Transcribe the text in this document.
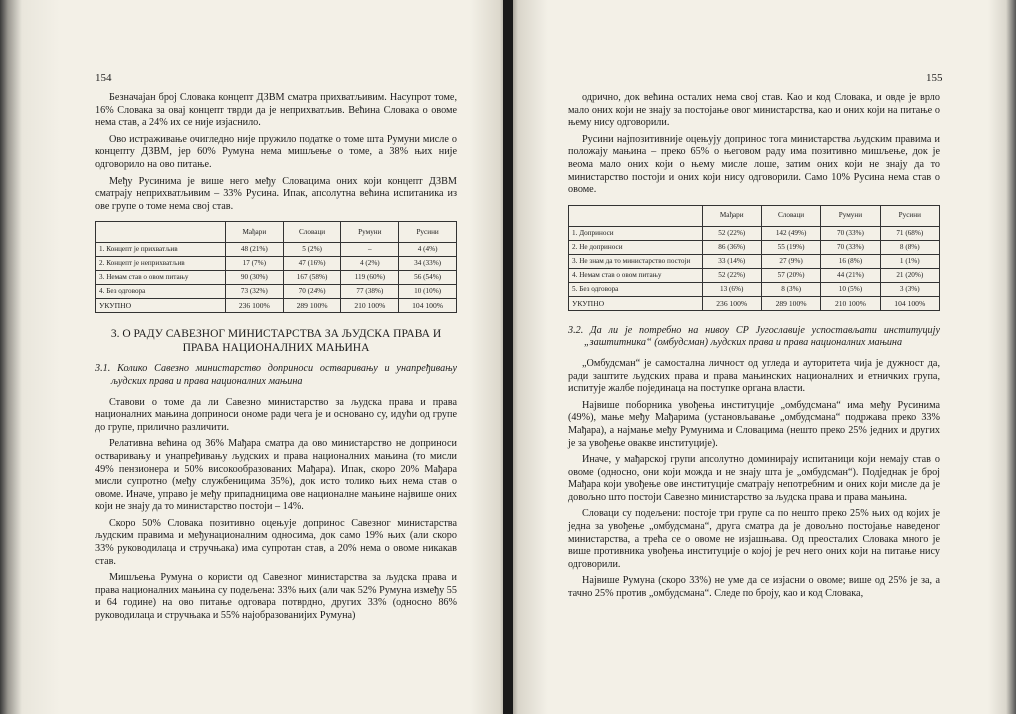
154

Безначајан број Словака концепт ДЗВМ сматра прихватљивим. Насупрот томе, 16% Словака за овај концепт тврди да је неприхватљив. Већина Словака о овоме нема став, а 24% их се није изјаснило.

Ово истраживање очигледно није пружило податке о томе шта Румуни мисле о концепту ДЗВМ, јер 60% Румуна нема мишљење о томе, а 38% њих није одговорило на ово питање.

Међу Русинима је више него међу Словацима оних који концепт ДЗВМ сматрају неприхватљивим – 33% Русина. Ипак, апсолутна већина испитаника из ове групе о томе нема свој став.

	Мађари	Словаци	Румуни	Русини
1. Концепт је прихватљив	48 (21%)	5 (2%)	–	4 (4%)
2. Концепт је неприхватљив	17 (7%)	47 (16%)	4 (2%)	34 (33%)
3. Немам став о овом питању	90 (30%)	167 (58%)	119 (60%)	56 (54%)
4. Без одговора	73 (32%)	70 (24%)	77 (38%)	10 (10%)
УКУПНО	236 100%	289 100%	210 100%	104 100%

3. О РАДУ САВЕЗНОГ МИНИСТАРСТВА ЗА ЉУДСКА ПРАВА И ПРАВА НАЦИОНАЛНИХ МАЊИНА

3.1. Колико Савезно министарство доприноси остваривању и унапређивању људских права и права националних мањина

Ставови о томе да ли Савезно министарство за људска права и права националних мањина доприноси ономе ради чега је и основано су, идући од групе до групе, прилично различити.

Релативна већина од 36% Мађара сматра да ово министарство не доприноси остваривању и унапређивању људских и права националних мањина (то мисли 49% пензионера и 50% високообразованих Мађара). Ипак, скоро 20% Мађара мисли супротно (међу службеницима 35%), док исто толико њих нема став о овоме. Иначе, управо је међу припадницима ове националне мањине највише оних који не знају да то министарство постоји – 14%.

Скоро 50% Словака позитивно оцењује допринос Савезног министарства људским правима и међунационалним односима, док само 19% њих (али скоро 33% руководилаца и стручњака) има супротан став, а 20% нема о овоме никакав став.

Мишљења Румуна о користи од Савезног министарства за људска права и права националних мањина су подељена: 33% њих (али чак 52% Румуна између 55 и 64 године) на ово питање одговара потврдно, других 33% (односно 86% руководилаца и стручњака и 55% најобразованијих Румуна)

155

одрично, док већина осталих нема свој став. Као и код Словака, и овде је врло мало оних који не знају за постојање овог министарства, као и оних који на питање о њему нису одговорили.

Русини најпозитивније оцењују допринос тога министарства људским правима и положају мањина – преко 65% о његовом раду има позитивно мишљење, док је веома мало оних који о њему мисле лоше, затим оних који не знају да то министарство постоји и оних који нису одговорили. Само 10% Русина нема став о овоме.

	Мађари	Словаци	Румуни	Русини
1. Доприноси	52 (22%)	142 (49%)	70 (33%)	71 (68%)
2. Не доприноси	86 (36%)	55 (19%)	70 (33%)	8 (8%)
3. Не знам да то министарство постоји	33 (14%)	27 (9%)	16 (8%)	1 (1%)
4. Немам став о овом питању	52 (22%)	57 (20%)	44 (21%)	21 (20%)
5. Без одговора	13 (6%)	8 (3%)	10 (5%)	3 (3%)
УКУПНО	236 100%	289 100%	210 100%	104 100%

3.2. Да ли је потребно на нивоу СР Југославије успостављати институцију „заштитника“ (омбудсман) људских права и права националних мањина

„Омбудсман“ је самостална личност од угледа и ауторитета чија је дужност да, ради заштите људских права и права мањинских националних и етничких група, испитује жалбе појединаца на поступке органа власти.

Највише поборника увођења институције „омбудсмана“ има међу Русинима (49%), мање међу Мађарима (установљавање „омбудсмана“ подржава преко 33% Мађара), а најмање међу Румунима и Словацима (нешто преко 25% једних и других је за увођење овакве институције).

Иначе, у мађарској групи апсолутно доминирају испитаници који немају став о овоме (односно, они који можда и не знају шта је „омбудсман“). Подједнак је број Мађара који увођење ове институције сматрају непотребним и оних који мисле да је довољно што постоји Савезно министарство за људска права и права мањина.

Словаци су подељени: постоје три групе са по нешто преко 25% њих од којих је једна за увођење „омбудсмана“, друга сматра да је довољно постојање наведеног министарства, а трећа се о овоме не изјашњава. Од преосталих Словака много је више противника увођења институције о којој је реч него оних који на питање нису одговорили.

Највише Румуна (скоро 33%) не уме да се изјасни о овоме; више од 25% је за, а тачно 25% против „омбудсмана“. Следе по броју, као и код Словака,
